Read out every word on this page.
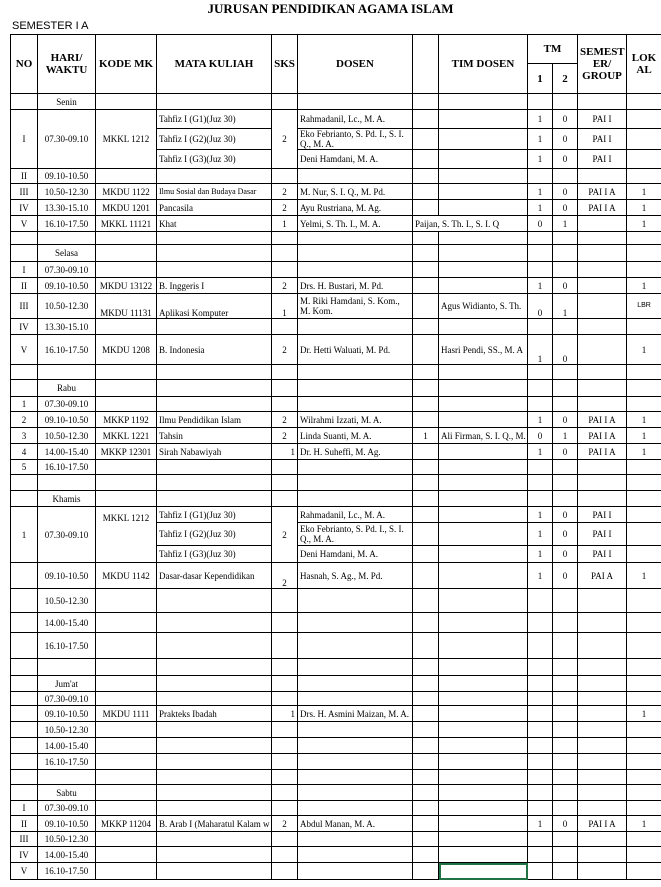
JURUSAN PENDIDIKAN AGAMA ISLAM
SEMESTER I A
NO	HARI/ WAKTU	KODE MK	MATA KULIAH	SKS	DOSEN		TIM DOSEN	TM		SEMEST ER/ GROUP	LOK AL
								1	2		
	Senin										
I	07.30-09.10	MKKL 1212	Tahfiz I (G1)(Juz 30)	2	Rahmadanil, Lc., M. A.			1	0	PAI I	
			Tahfiz I (G2)(Juz 30)		Eko Febrianto, S. Pd. I., S. I. Q., M. A.			1	0	PAI I	
			Tahfiz I (G3)(Juz 30)		Deni Hamdani, M. A.			1	0	PAI I	
II	09.10-10.50										
III	10.50-12.30	MKDU 1122	Ilmu Sosial dan Budaya Dasar	2	M. Nur, S. I. Q., M. Pd.			1	0	PAI I A	1
IV	13.30-15.10	MKDU 1201	Pancasila	2	Ayu Rustriana, M. Ag.			1	0	PAI I A	1
V	16.10-17.50	MKKL 11121	Khat	1	Yelmi, S. Th. I., M. A.	Paijan, S. Th. I., S. I. Q		0	1		1

	Selasa										
I	07.30-09.10										
II	09.10-10.50	MKDU 13122	B. Inggeris I	2	Drs. H. Bustari, M. Pd.			1	0		1
III	10.50-12.30	MKDU 11131	Aplikasi Komputer	1	M. Riki Hamdani, S. Kom., M. Kom.		Agus Widianto, S. Th.	0	1		LBR
IV	13.30-15.10										
V	16.10-17.50	MKDU 1208	B. Indonesia	2	Dr. Hetti Waluati, M. Pd.		Hasri Pendi, SS., M. A	1	0		1

	Rabu										
1	07.30-09.10										
2	09.10-10.50	MKKP 1192	Ilmu Pendidikan Islam	2	Wilrahmi Izzati, M. A.			1	0	PAI I A	1
3	10.50-12.30	MKKL 1221	Tahsin	2	Linda Suanti, M. A.	1	Ali Firman, S. I. Q., M.	0	1	PAI I A	1
4	14.00-15.40	MKKP 12301	Sirah Nabawiyah	1	Dr. H. Suheffi, M. Ag.			1	0	PAI I A	1
5	16.10-17.50										

	Khamis										
1	07.30-09.10	MKKL 1212	Tahfiz I (G1)(Juz 30)	2	Rahmadanil, Lc., M. A.			1	0	PAI I	
			Tahfiz I (G2)(Juz 30)		Eko Febrianto, S. Pd. I., S. I. Q., M. A.			1	0	PAI I	
			Tahfiz I (G3)(Juz 30)		Deni Hamdani, M. A.			1	0	PAI I	
	09.10-10.50	MKDU 1142	Dasar-dasar Kependidikan	2	Hasnah, S. Ag., M. Pd.			1	0	PAI A	1
	10.50-12.30										
	14.00-15.40										
	16.10-17.50										

	Jum'at										
	07.30-09.10										
	09.10-10.50	MKDU 1111	Prakteks Ibadah	1	Drs. H. Asmini Maizan, M. A.						1
	10.50-12.30										
	14.00-15.40										
	16.10-17.50										

	Sabtu										
I	07.30-09.10										
II	09.10-10.50	MKKP 11204	B. Arab I (Maharatul Kalam w	2	Abdul Manan, M. A.			1	0	PAI I A	1
III	10.50-12.30										
IV	14.00-15.40										
V	16.10-17.50										
